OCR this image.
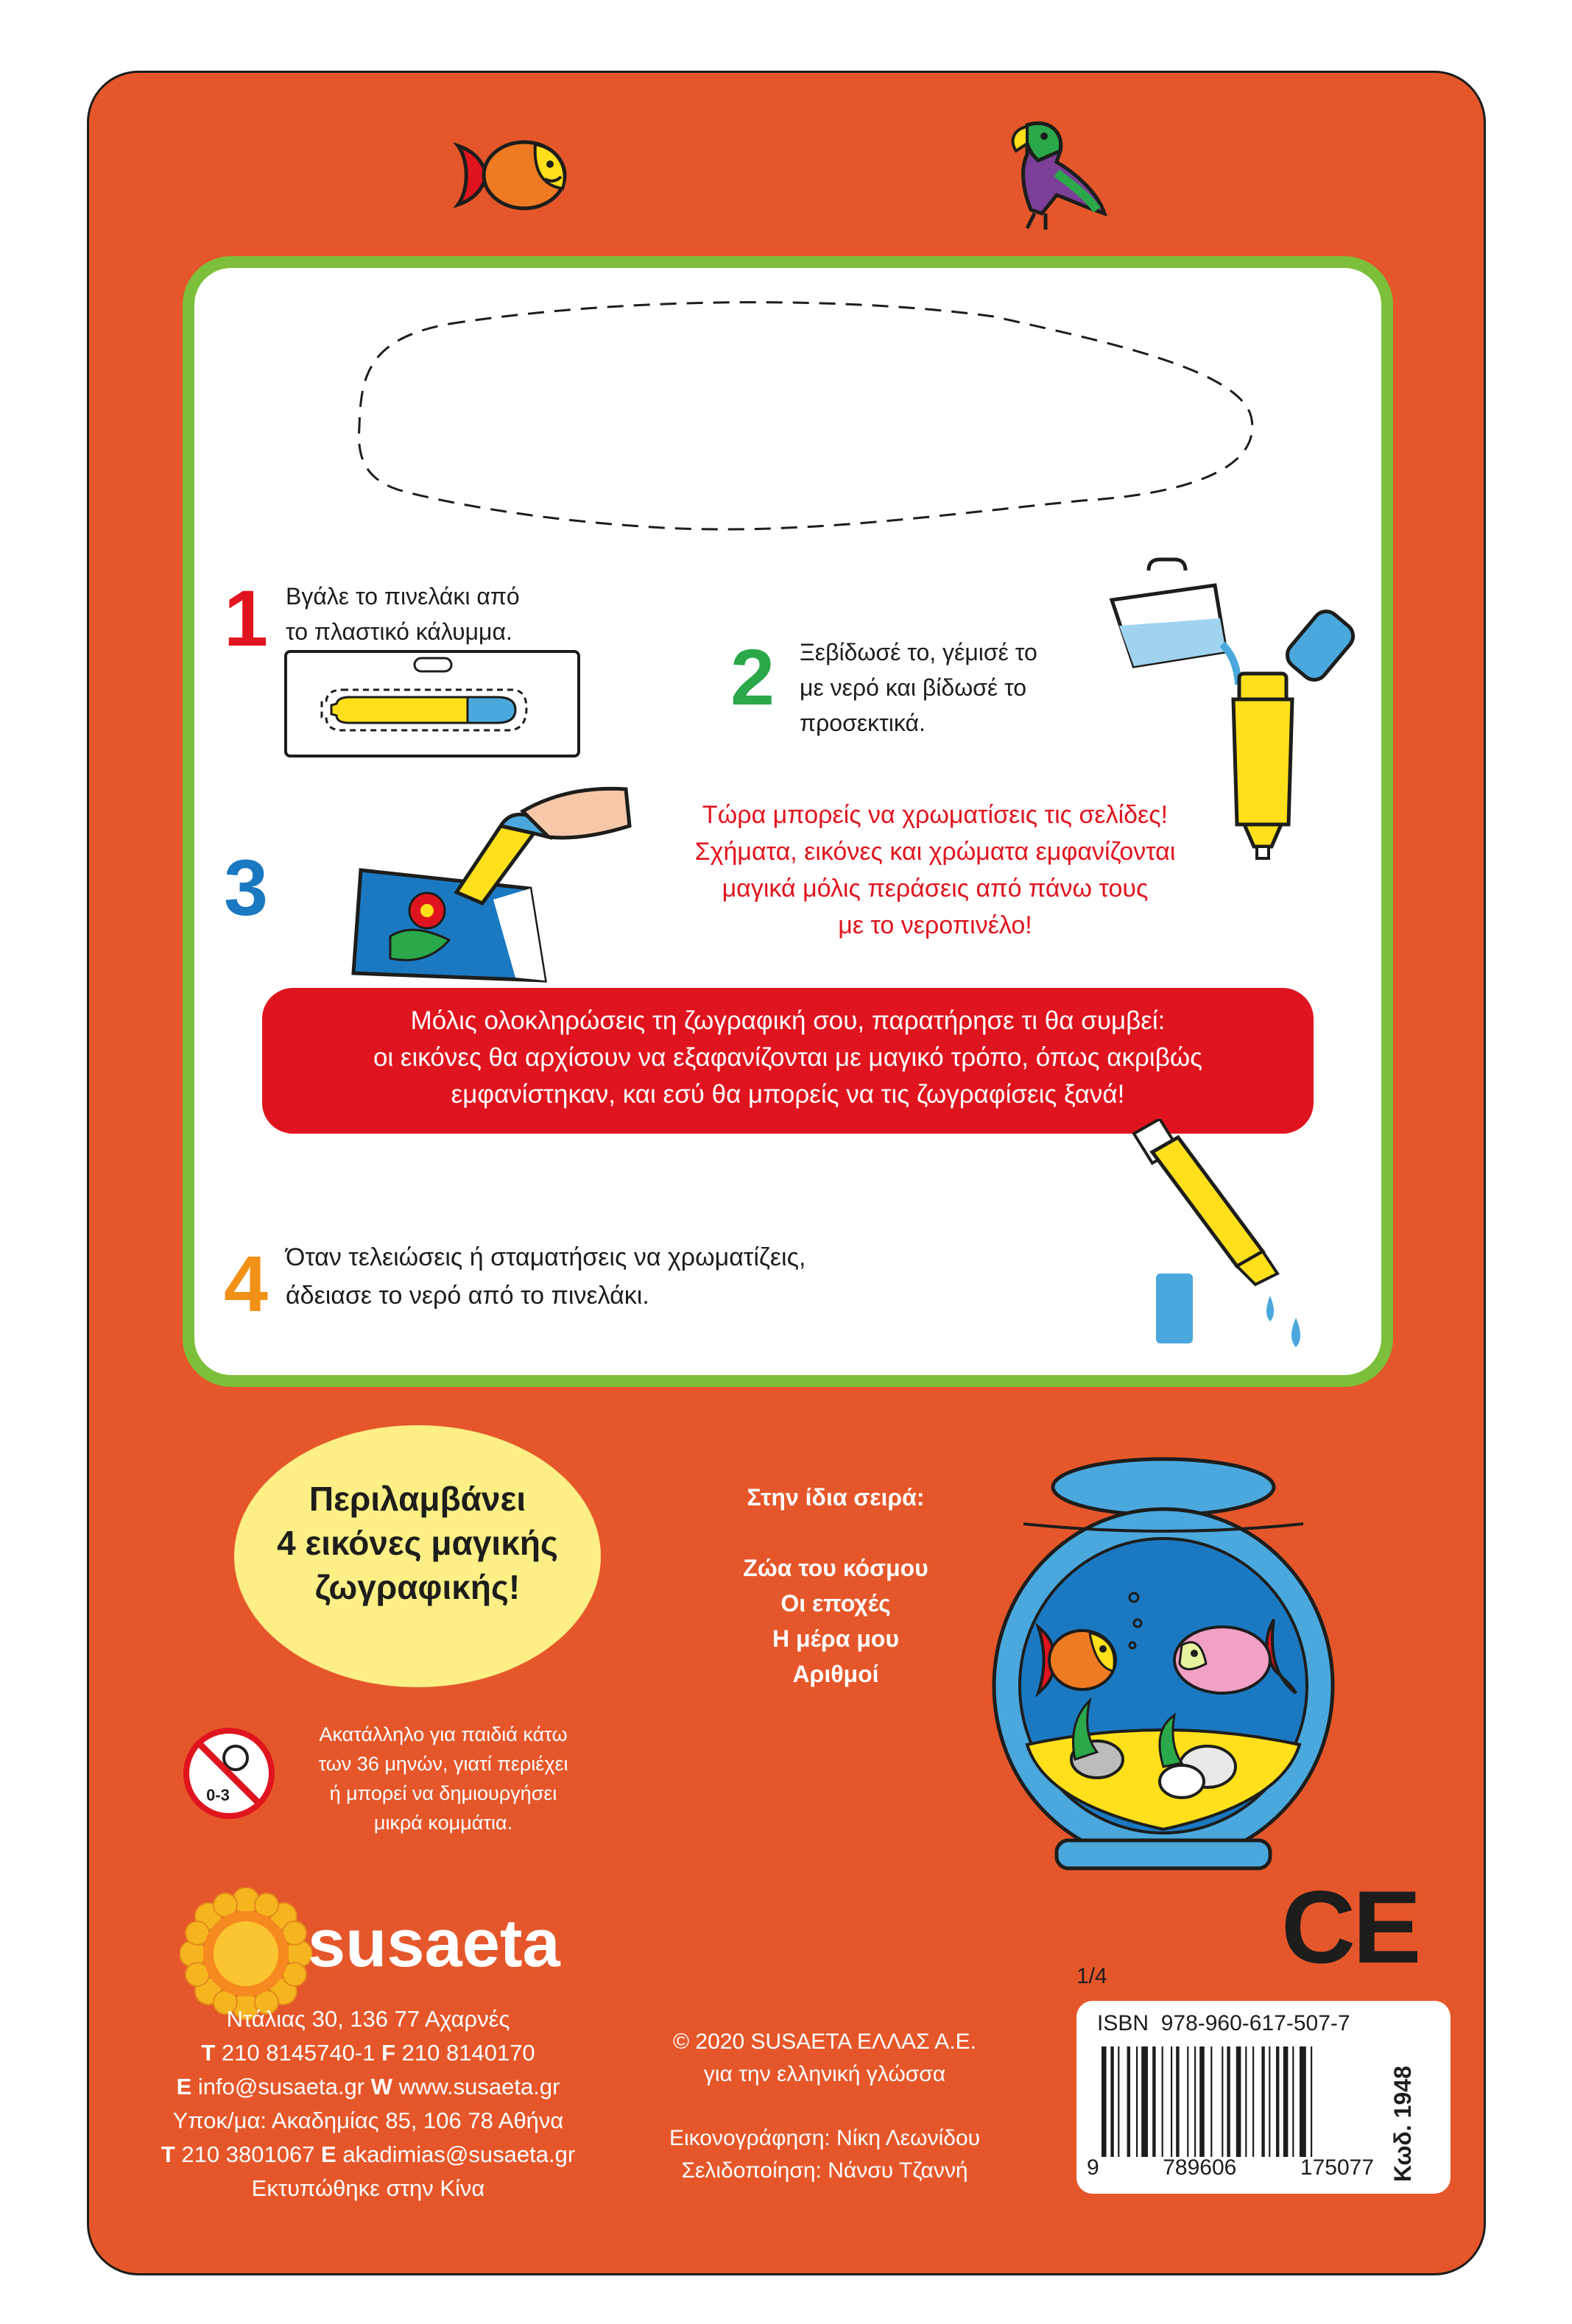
1 Βγάλε το πινελάκι από
το πλαστικό κάλυμμα.
2 Ξεβίδωσέ το, γέμισέ το
με νερό και βίδωσέ το
προσεκτικά.
3
Τώρα μπορείς να χρωματίσεις τις σελίδες!
Σχήματα, εικόνες και χρώματα εμφανίζονται
μαγικά μόλις περάσεις από πάνω τους
με το νεροπινέλο!
Μόλις ολοκληρώσεις τη ζωγραφική σου, παρατήρησε τι θα συμβεί:
οι εικόνες θα αρχίσουν να εξαφανίζονται με μαγικό τρόπο, όπως ακριβώς
εμφανίστηκαν, και εσύ θα μπορείς να τις ζωγραφίσεις ξανά!
4 Όταν τελειώσεις ή σταματήσεις να χρωματίζεις,
άδειασε το νερό από το πινελάκι.
Περιλαμβάνει
4 εικόνες μαγικής
ζωγραφικής!
Στην ίδια σειρά:
Ζώα του κόσμου
Οι εποχές
Η μέρα μου
Αριθμοί
0-3
Ακατάλληλο για παιδιά κάτω
των 36 μηνών, γιατί περιέχει
ή μπορεί να δημιουργήσει
μικρά κομμάτια.
susaeta
Ντάλιας 30, 136 77 Αχαρνές
T 210 8145740-1 F 210 8140170
E info@susaeta.gr W www.susaeta.gr
Υποκ/μα: Ακαδημίας 85, 106 78 Αθήνα
T 210 3801067 E akadimias@susaeta.gr
Εκτυπώθηκε στην Κίνα
© 2020 SUSAETA ΕΛΛΑΣ Α.Ε.
για την ελληνική γλώσσα
Εικονογράφηση: Νίκη Λεωνίδου
Σελιδοποίηση: Νάνσυ Τζαννή
CE
1/4
ISBN 978-960-617-507-7
9	789606	175077 Κωδ. 1948
